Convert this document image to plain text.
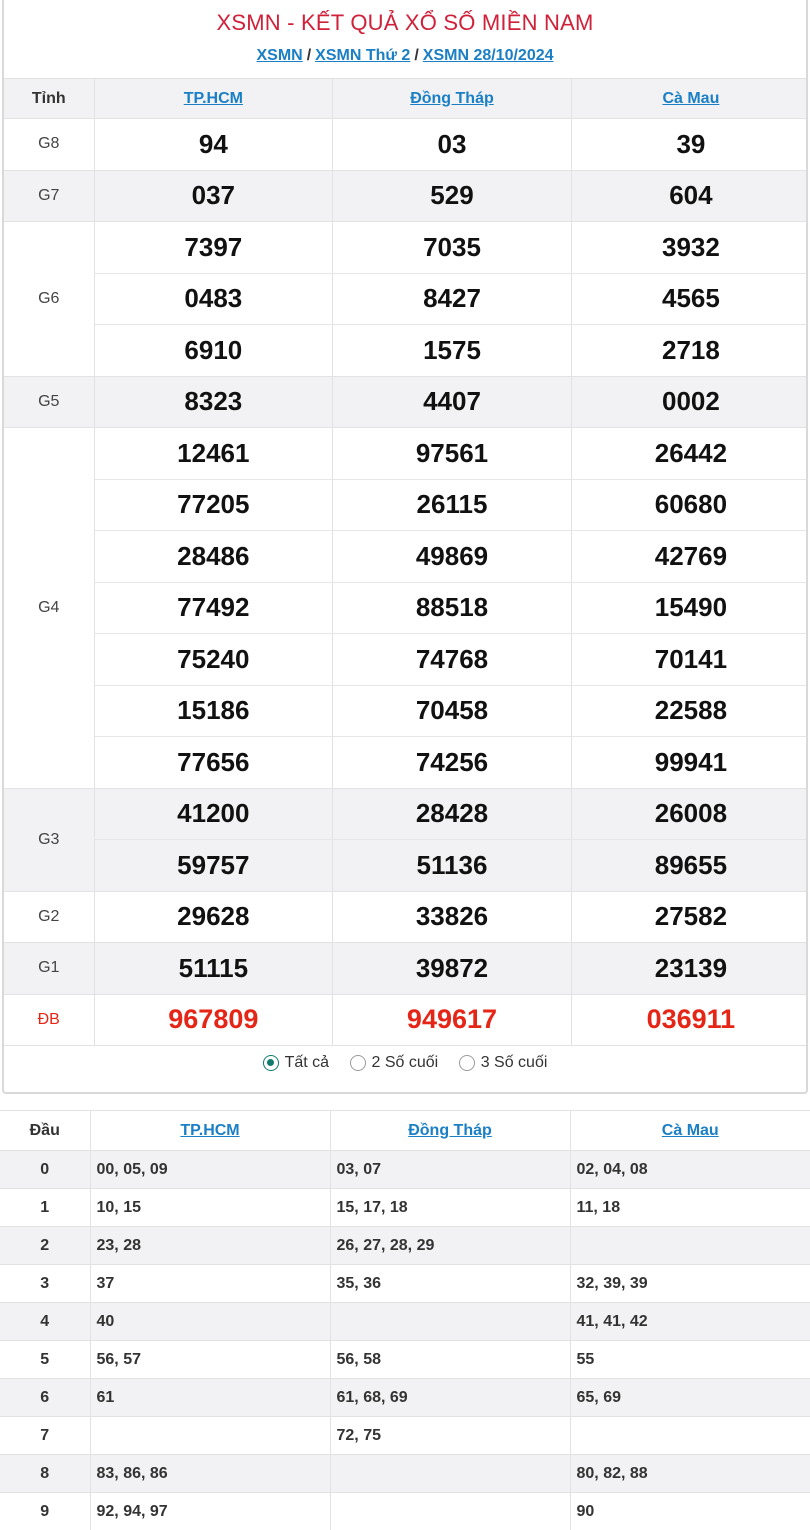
XSMN - KẾT QUẢ XỔ SỐ MIỀN NAM
XSMN / XSMN Thứ 2 / XSMN 28/10/2024
Tỉnh	TP.HCM	Đồng Tháp	Cà Mau
G8	94	03	39
G7	037	529	604
G6	7397	7035	3932
	0483	8427	4565
	6910	1575	2718
G5	8323	4407	0002
G4	12461	97561	26442
	77205	26115	60680
	28486	49869	42769
	77492	88518	15490
	75240	74768	70141
	15186	70458	22588
	77656	74256	99941
G3	41200	28428	26008
	59757	51136	89655
G2	29628	33826	27582
G1	51115	39872	23139
ĐB	967809	949617	036911
Tất cả
	2 Số cuối
	3 Số cuối
Đầu	TP.HCM	Đồng Tháp	Cà Mau
0	00, 05, 09	03, 07	02, 04, 08
1	10, 15	15, 17, 18	11, 18
2	23, 28	26, 27, 28, 29	
3	37	35, 36	32, 39, 39
4	40		41, 41, 42
5	56, 57	56, 58	55
6	61	61, 68, 69	65, 69
7		72, 75	
8	83, 86, 86		80, 82, 88
9	92, 94, 97		90
